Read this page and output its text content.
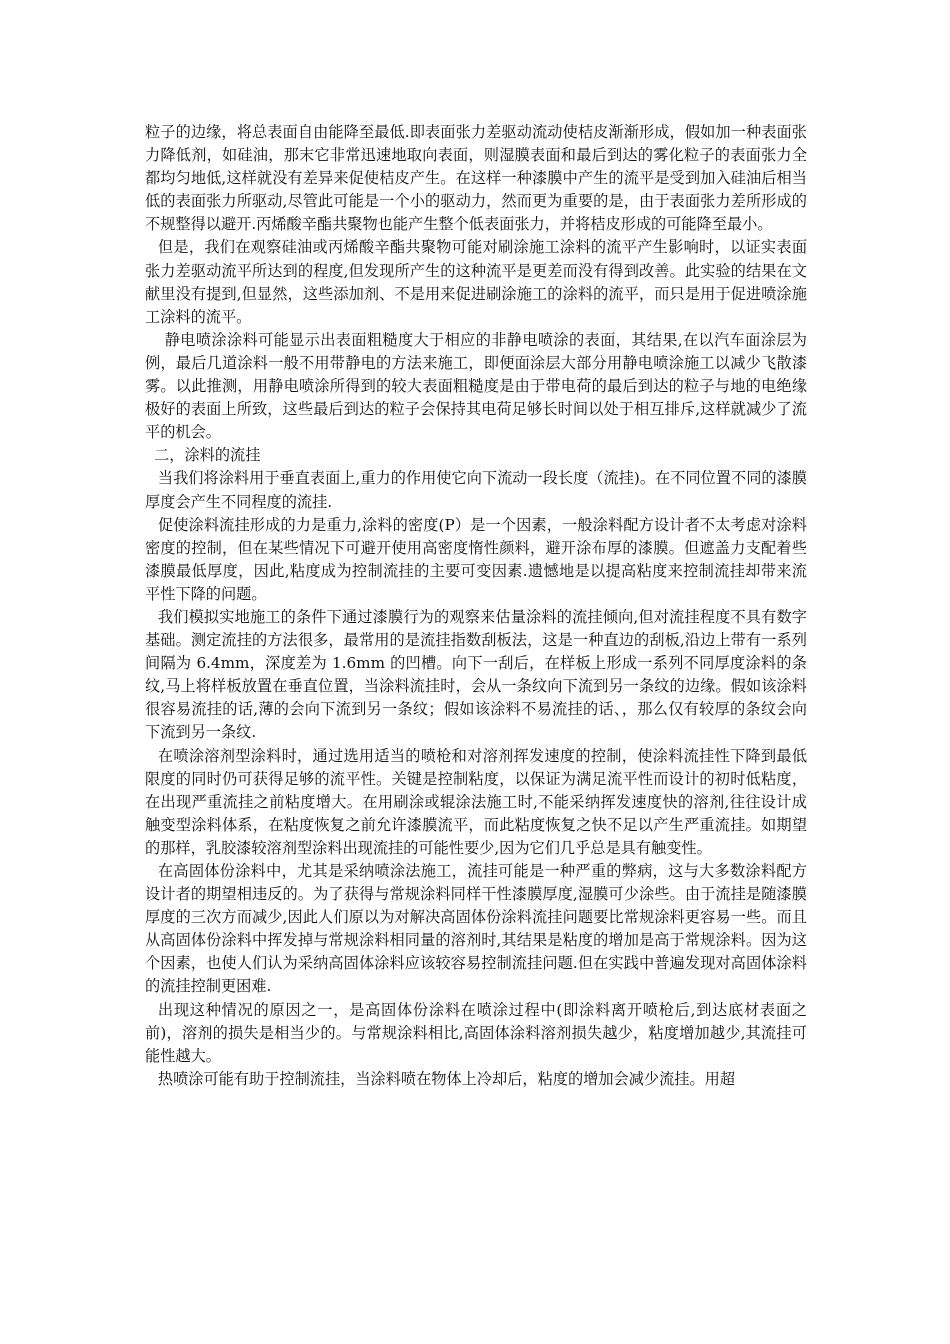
粒子的边缘，将总表面自由能降至最低.即表面张力差驱动流动使桔皮渐渐形成，假如加一种表面张力降低剂，如硅油，那末它非常迅速地取向表面，则湿膜表面和最后到达的雾化粒子的表面张力全都均匀地低,这样就没有差异来促使桔皮产生。在这样一种漆膜中产生的流平是受到加入硅油后相当低的表面张力所驱动,尽管此可能是一个小的驱动力，然而更为重要的是，由于表面张力差所形成的不规整得以避开.丙烯酸辛酯共聚物也能产生整个低表面张力，并将桔皮形成的可能降至最小。

但是，我们在观察硅油或丙烯酸辛酯共聚物可能对刷涂施工涂料的流平产生影响时，以证实表面张力差驱动流平所达到的程度,但发现所产生的这种流平是更差而没有得到改善。此实验的结果在文献里没有提到,但显然，这些添加剂、不是用来促进刷涂施工的涂料的流平，而只是用于促进喷涂施工涂料的流平。

静电喷涂涂料可能显示出表面粗糙度大于相应的非静电喷涂的表面，其结果,在以汽车面涂层为例，最后几道涂料一般不用带静电的方法来施工，即便面涂层大部分用静电喷涂施工以减少飞散漆雾。以此推测，用静电喷涂所得到的较大表面粗糙度是由于带电荷的最后到达的粒子与地的电绝缘极好的表面上所致，这些最后到达的粒子会保持其电荷足够长时间以处于相互排斥,这样就减少了流平的机会。

二，涂料的流挂

当我们将涂料用于垂直表面上,重力的作用使它向下流动一段长度（流挂)。在不同位置不同的漆膜厚度会产生不同程度的流挂.

促使涂料流挂形成的力是重力,涂料的密度(P）是一个因素，一般涂料配方设计者不太考虑对涂料密度的控制，但在某些情况下可避开使用高密度惰性颜料，避开涂布厚的漆膜。但遮盖力支配着些漆膜最低厚度，因此,粘度成为控制流挂的主要可变因素.遗憾地是以提高粘度来控制流挂却带来流平性下降的问题。

我们模拟实地施工的条件下通过漆膜行为的观察来估量涂料的流挂倾向,但对流挂程度不具有数字基础。测定流挂的方法很多，最常用的是流挂指数刮板法，这是一种直边的刮板,沿边上带有一系列间隔为 6.4mm，深度差为 1.6mm 的凹槽。向下一刮后，在样板上形成一系列不同厚度涂料的条纹,马上将样板放置在垂直位置，当涂料流挂时，会从一条纹向下流到另一条纹的边缘。假如该涂料很容易流挂的话,薄的会向下流到另一条纹；假如该涂料不易流挂的话、，那么仅有较厚的条纹会向下流到另一条纹.

在喷涂溶剂型涂料时，通过选用适当的喷枪和对溶剂挥发速度的控制，使涂料流挂性下降到最低限度的同时仍可获得足够的流平性。关键是控制粘度，以保证为满足流平性而设计的初时低粘度，在出现严重流挂之前粘度增大。在用刷涂或辊涂法施工时,不能采纳挥发速度快的溶剂,往往设计成触变型涂料体系，在粘度恢复之前允许漆膜流平，而此粘度恢复之快不足以产生严重流挂。如期望的那样，乳胶漆较溶剂型涂料出现流挂的可能性要少,因为它们几乎总是具有触变性。

在高固体份涂料中，尤其是采纳喷涂法施工，流挂可能是一种严重的弊病，这与大多数涂料配方设计者的期望相违反的。为了获得与常规涂料同样干性漆膜厚度,湿膜可少涂些。由于流挂是随漆膜厚度的三次方而减少,因此人们原以为对解决高固体份涂料流挂问题要比常规涂料更容易一些。而且从高固体份涂料中挥发掉与常规涂料相同量的溶剂时,其结果是粘度的增加是高于常规涂料。因为这个因素，也使人们认为采纳高固体涂料应该较容易控制流挂问题.但在实践中普遍发现对高固体涂料的流挂控制更困难.

出现这种情况的原因之一，是高固体份涂料在喷涂过程中(即涂料离开喷枪后,到达底材表面之前)，溶剂的损失是相当少的。与常规涂料相比,高固体涂料溶剂损失越少，粘度增加越少,其流挂可能性越大。

热喷涂可能有助于控制流挂，当涂料喷在物体上冷却后，粘度的增加会减少流挂。用超
